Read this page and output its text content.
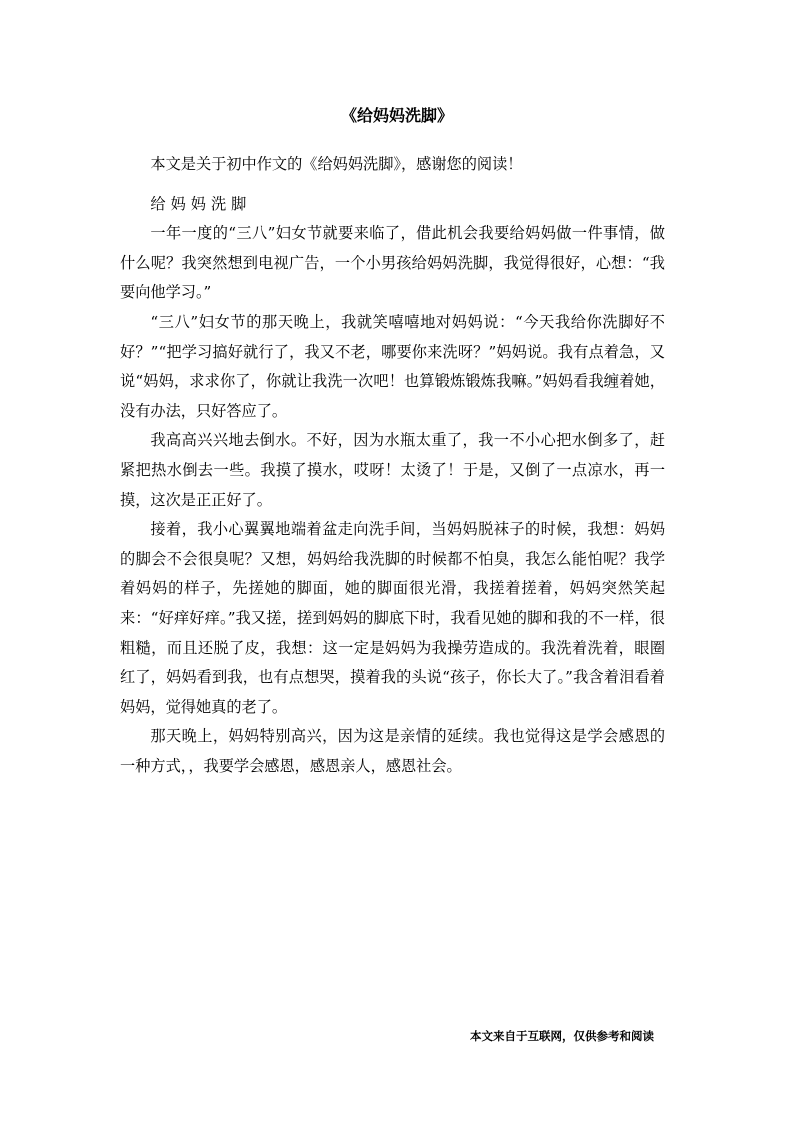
《给妈妈洗脚》

本文是关于初中作文的《给妈妈洗脚》，感谢您的阅读！

给妈妈洗脚

一年一度的“三八”妇女节就要来临了，借此机会我要给妈妈做一件事情，做什么呢？我突然想到电视广告，一个小男孩给妈妈洗脚，我觉得很好，心想：“我要向他学习。”

“三八”妇女节的那天晚上，我就笑嘻嘻地对妈妈说：“今天我给你洗脚好不好？”“把学习搞好就行了，我又不老，哪要你来洗呀？”妈妈说。我有点着急，又说“妈妈，求求你了，你就让我洗一次吧！也算锻炼锻炼我嘛。”妈妈看我缠着她，没有办法，只好答应了。

我高高兴兴地去倒水。不好，因为水瓶太重了，我一不小心把水倒多了，赶紧把热水倒去一些。我摸了摸水，哎呀！太烫了！于是，又倒了一点凉水，再一摸，这次是正正好了。

接着，我小心翼翼地端着盆走向洗手间，当妈妈脱袜子的时候，我想：妈妈的脚会不会很臭呢？又想，妈妈给我洗脚的时候都不怕臭，我怎么能怕呢？我学着妈妈的样子，先搓她的脚面，她的脚面很光滑，我搓着搓着，妈妈突然笑起来：“好痒好痒。”我又搓，搓到妈妈的脚底下时，我看见她的脚和我的不一样，很粗糙，而且还脱了皮，我想：这一定是妈妈为我操劳造成的。我洗着洗着，眼圈红了，妈妈看到我，也有点想哭，摸着我的头说“孩子，你长大了。”我含着泪看着妈妈，觉得她真的老了。

那天晚上，妈妈特别高兴，因为这是亲情的延续。我也觉得这是学会感恩的一种方式，，我要学会感恩，感恩亲人，感恩社会。

本文来自于互联网，仅供参考和阅读
